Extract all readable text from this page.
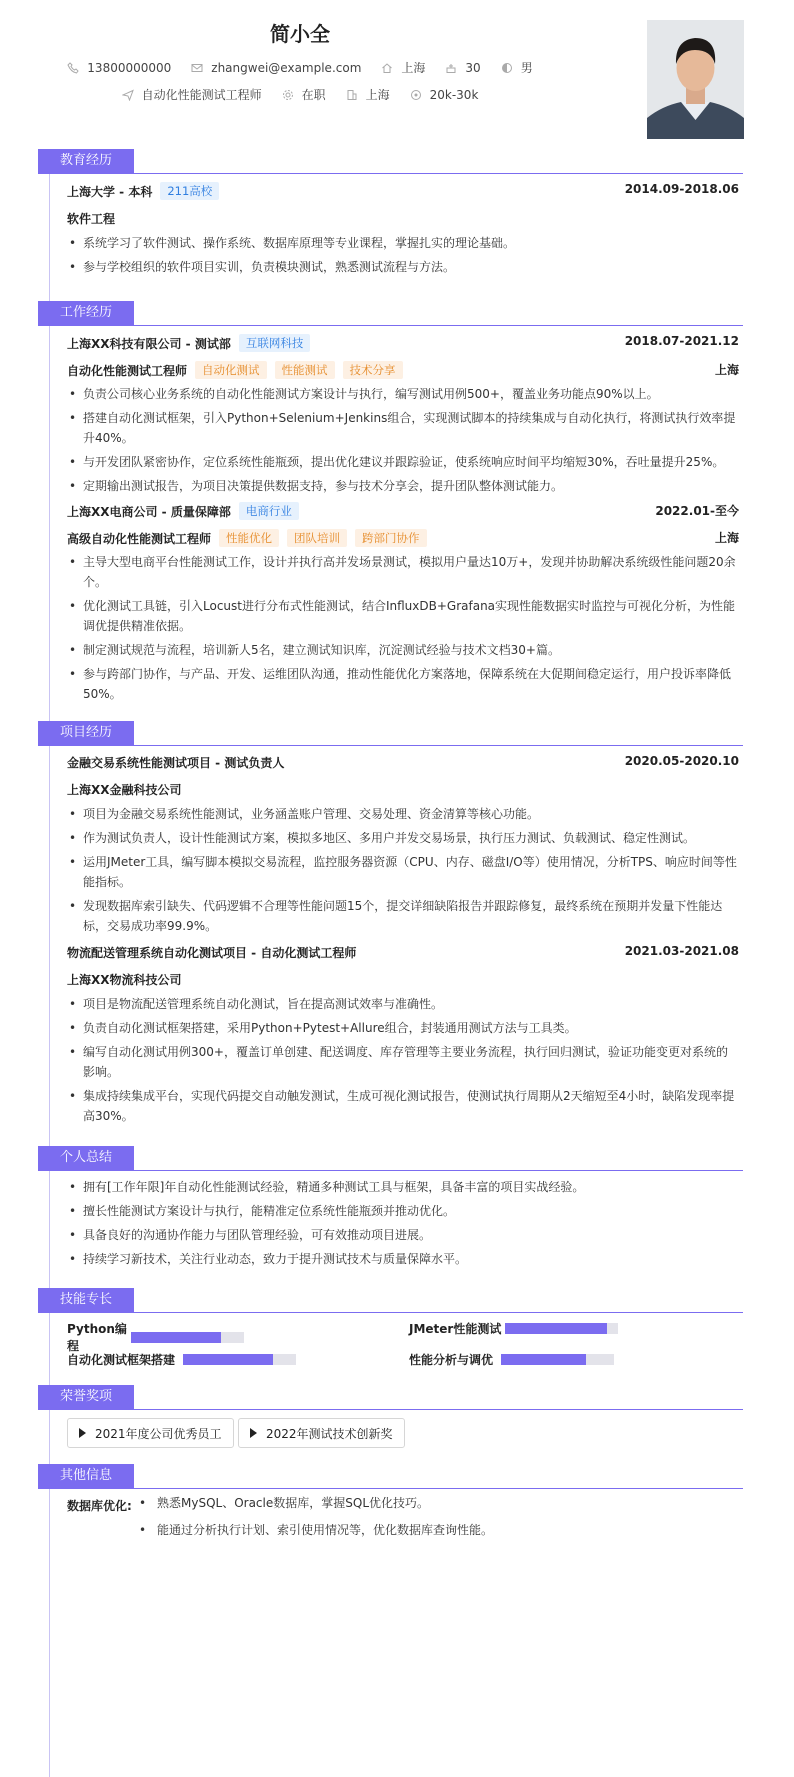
简小全
13800000000	zhangwei@example.com	上海	30	男
自动化性能测试工程师	在职	上海	20k-30k
教育经历
上海大学 - 本科	211高校	2014.09-2018.06
软件工程
• 系统学习了软件测试、操作系统、数据库原理等专业课程，掌握扎实的理论基础。
• 参与学校组织的软件项目实训，负责模块测试，熟悉测试流程与方法。
工作经历
上海XX科技有限公司 - 测试部	互联网科技	2018.07-2021.12
自动化性能测试工程师	自动化测试	性能测试	技术分享	上海
• 负责公司核心业务系统的自动化性能测试方案设计与执行，编写测试用例500+，覆盖业务功能点90%以上。
• 搭建自动化测试框架，引入Python+Selenium+Jenkins组合，实现测试脚本的持续集成与自动化执行，将测试执行效率提升40%。
• 与开发团队紧密协作，定位系统性能瓶颈，提出优化建议并跟踪验证，使系统响应时间平均缩短30%，吞吐量提升25%。
• 定期输出测试报告，为项目决策提供数据支持，参与技术分享会，提升团队整体测试能力。
上海XX电商公司 - 质量保障部	电商行业	2022.01-至今
高级自动化性能测试工程师	性能优化	团队培训	跨部门协作	上海
• 主导大型电商平台性能测试工作，设计并执行高并发场景测试，模拟用户量达10万+，发现并协助解决系统级性能问题20余个。
• 优化测试工具链，引入Locust进行分布式性能测试，结合InfluxDB+Grafana实现性能数据实时监控与可视化分析，为性能调优提供精准依据。
• 制定测试规范与流程，培训新人5名，建立测试知识库，沉淀测试经验与技术文档30+篇。
• 参与跨部门协作，与产品、开发、运维团队沟通，推动性能优化方案落地，保障系统在大促期间稳定运行，用户投诉率降低50%。
项目经历
金融交易系统性能测试项目 - 测试负责人	2020.05-2020.10
上海XX金融科技公司
• 项目为金融交易系统性能测试，业务涵盖账户管理、交易处理、资金清算等核心功能。
• 作为测试负责人，设计性能测试方案，模拟多地区、多用户并发交易场景，执行压力测试、负载测试、稳定性测试。
• 运用JMeter工具，编写脚本模拟交易流程，监控服务器资源（CPU、内存、磁盘I/O等）使用情况，分析TPS、响应时间等性能指标。
• 发现数据库索引缺失、代码逻辑不合理等性能问题15个，提交详细缺陷报告并跟踪修复，最终系统在预期并发量下性能达标，交易成功率99.9%。
物流配送管理系统自动化测试项目 - 自动化测试工程师	2021.03-2021.08
上海XX物流科技公司
• 项目是物流配送管理系统自动化测试，旨在提高测试效率与准确性。
• 负责自动化测试框架搭建，采用Python+Pytest+Allure组合，封装通用测试方法与工具类。
• 编写自动化测试用例300+，覆盖订单创建、配送调度、库存管理等主要业务流程，执行回归测试，验证功能变更对系统的影响。
• 集成持续集成平台，实现代码提交自动触发测试，生成可视化测试报告，使测试执行周期从2天缩短至4小时，缺陷发现率提高30%。
个人总结
• 拥有[工作年限]年自动化性能测试经验，精通多种测试工具与框架，具备丰富的项目实战经验。
• 擅长性能测试方案设计与执行，能精准定位系统性能瓶颈并推动优化。
• 具备良好的沟通协作能力与团队管理经验，可有效推动项目进展。
• 持续学习新技术，关注行业动态，致力于提升测试技术与质量保障水平。
技能专长
Python编程
JMeter性能测试
自动化测试框架搭建	性能分析与调优
荣誉奖项
2021年度公司优秀员工	2022年测试技术创新奖
其他信息
数据库优化:
•	熟悉MySQL、Oracle数据库，掌握SQL优化技巧。
• 能通过分析执行计划、索引使用情况等，优化数据库查询性能。
